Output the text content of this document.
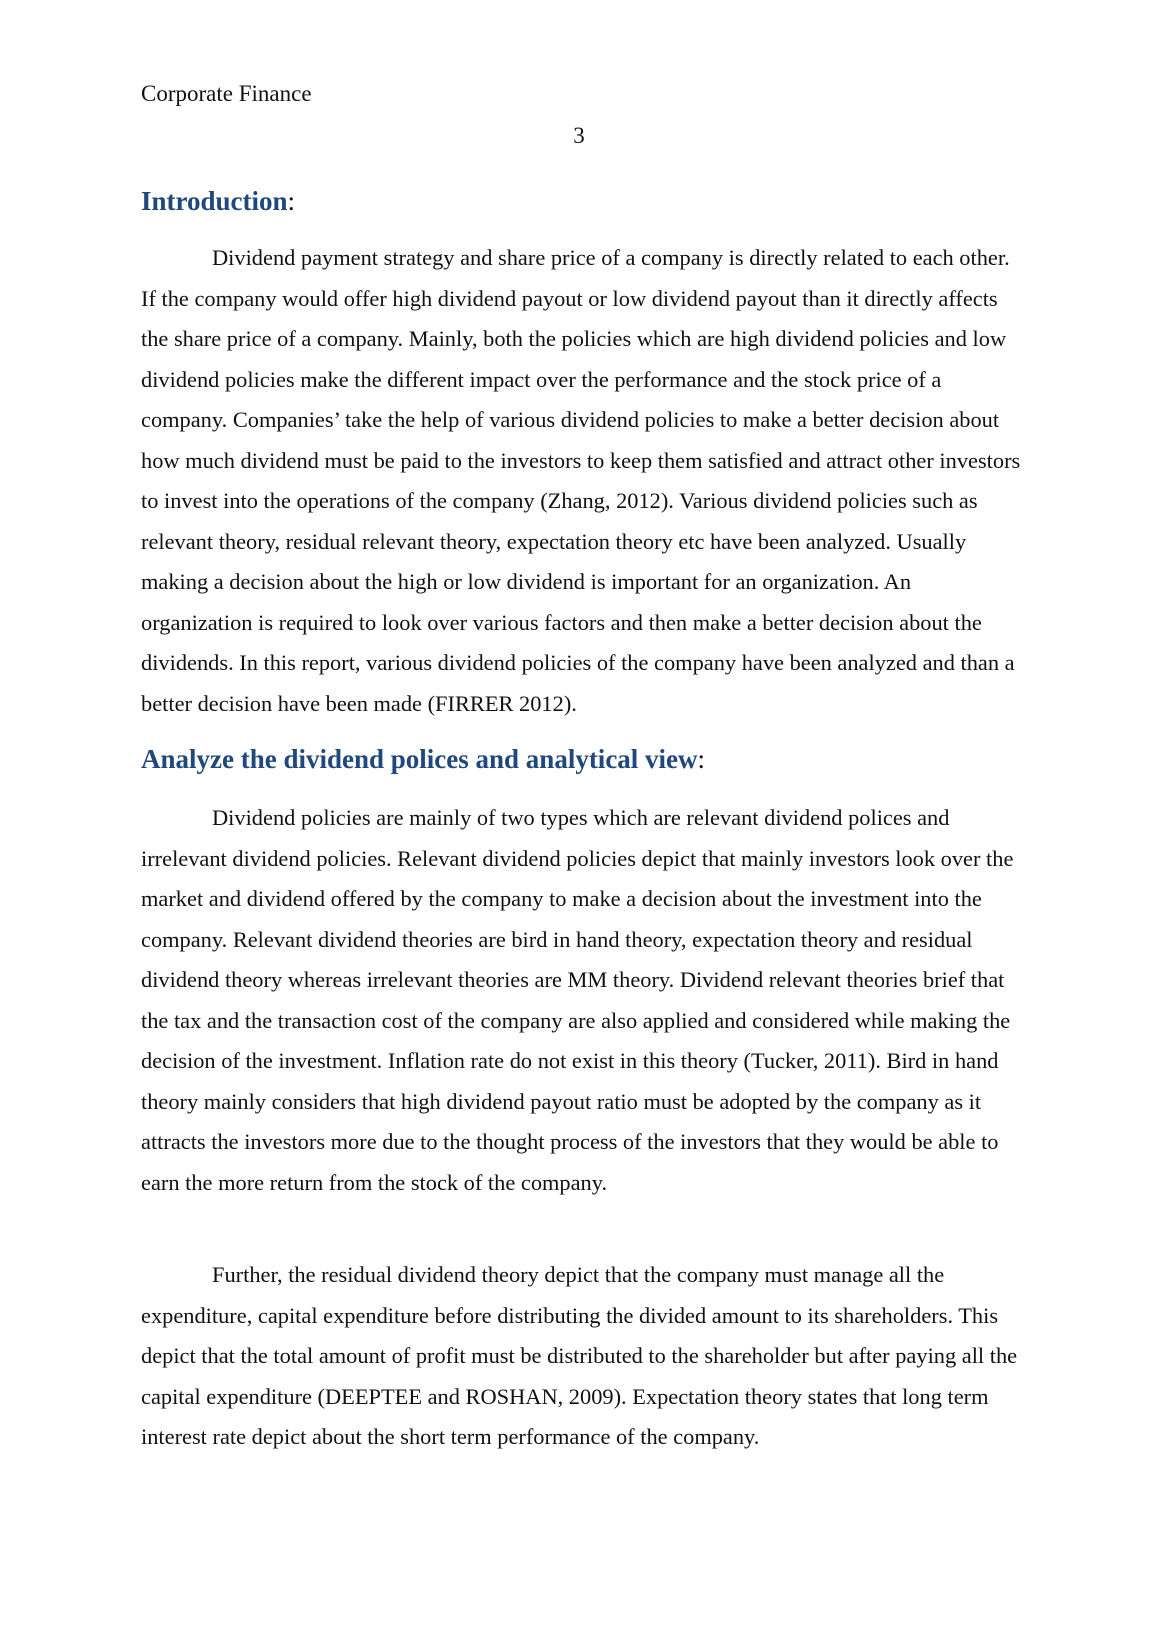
Corporate Finance

3

Introduction:

Dividend payment strategy and share price of a company is directly related to each other. If the company would offer high dividend payout or low dividend payout than it directly affects the share price of a company. Mainly, both the policies which are high dividend policies and low dividend policies make the different impact over the performance and the stock price of a company. Companies’ take the help of various dividend policies to make a better decision about how much dividend must be paid to the investors to keep them satisfied and attract other investors to invest into the operations of the company (Zhang, 2012). Various dividend policies such as relevant theory, residual relevant theory, expectation theory etc have been analyzed. Usually making a decision about the high or low dividend is important for an organization. An organization is required to look over various factors and then make a better decision about the dividends. In this report, various dividend policies of the company have been analyzed and than a better decision have been made (FIRRER 2012).

Analyze the dividend polices and analytical view:

Dividend policies are mainly of two types which are relevant dividend polices and irrelevant dividend policies. Relevant dividend policies depict that mainly investors look over the market and dividend offered by the company to make a decision about the investment into the company. Relevant dividend theories are bird in hand theory, expectation theory and residual dividend theory whereas irrelevant theories are MM theory. Dividend relevant theories brief that the tax and the transaction cost of the company are also applied and considered while making the decision of the investment. Inflation rate do not exist in this theory (Tucker, 2011). Bird in hand theory mainly considers that high dividend payout ratio must be adopted by the company as it attracts the investors more due to the thought process of the investors that they would be able to earn the more return from the stock of the company.

Further, the residual dividend theory depict that the company must manage all the expenditure, capital expenditure before distributing the divided amount to its shareholders. This depict that the total amount of profit must be distributed to the shareholder but after paying all the capital expenditure (DEEPTEE and ROSHAN, 2009). Expectation theory states that long term interest rate depict about the short term performance of the company.
